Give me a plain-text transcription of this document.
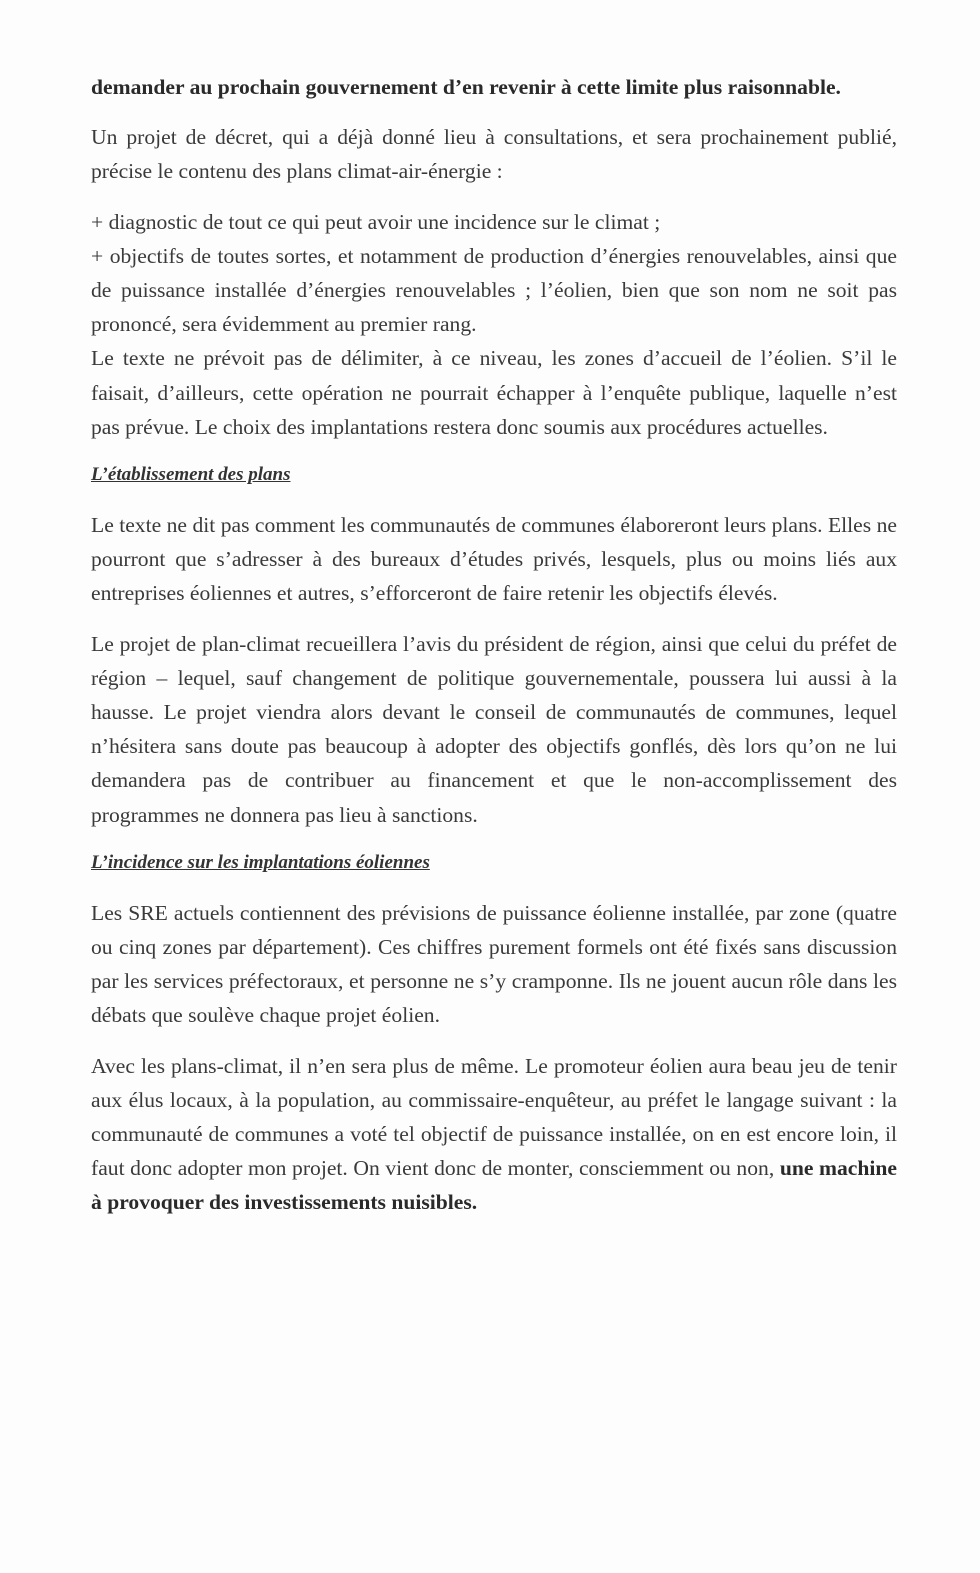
demander au prochain gouvernement d’en revenir à cette limite plus raisonnable.

Un projet de décret, qui a déjà donné lieu à consultations, et sera prochainement publié, précise le contenu des plans climat-air-énergie :

+ diagnostic de tout ce qui peut avoir une incidence sur le climat ;

+ objectifs de toutes sortes, et notamment de production d’énergies renouvelables, ainsi que de puissance installée d’énergies renouvelables ; l’éolien, bien que son nom ne soit pas prononcé, sera évidemment au premier rang.

Le texte ne prévoit pas de délimiter, à ce niveau, les zones d’accueil de l’éolien. S’il le faisait, d’ailleurs, cette opération ne pourrait échapper à l’enquête publique, laquelle n’est pas prévue. Le choix des implantations restera donc soumis aux procédures actuelles.

L’établissement des plans

Le texte ne dit pas comment les communautés de communes élaboreront leurs plans. Elles ne pourront que s’adresser à des bureaux d’études privés, lesquels, plus ou moins liés aux entreprises éoliennes et autres, s’efforceront de faire retenir les objectifs élevés.

Le projet de plan-climat recueillera l’avis du président de région, ainsi que celui du préfet de région – lequel, sauf changement de politique gouvernementale, poussera lui aussi à la hausse. Le projet viendra alors devant le conseil de communautés de communes, lequel n’hésitera sans doute pas beaucoup à adopter des objectifs gonflés, dès lors qu’on ne lui demandera pas de contribuer au financement et que le non-accomplissement des programmes ne donnera pas lieu à sanctions.

L’incidence sur les implantations éoliennes

Les SRE actuels contiennent des prévisions de puissance éolienne installée, par zone (quatre ou cinq zones par département). Ces chiffres purement formels ont été fixés sans discussion par les services préfectoraux, et personne ne s’y cramponne. Ils ne jouent aucun rôle dans les débats que soulève chaque projet éolien.

Avec les plans-climat, il n’en sera plus de même. Le promoteur éolien aura beau jeu de tenir aux élus locaux, à la population, au commissaire-enquêteur, au préfet le langage suivant : la communauté de communes a voté tel objectif de puissance installée, on en est encore loin, il faut donc adopter mon projet. On vient donc de monter, consciemment ou non, une machine à provoquer des investissements nuisibles.
